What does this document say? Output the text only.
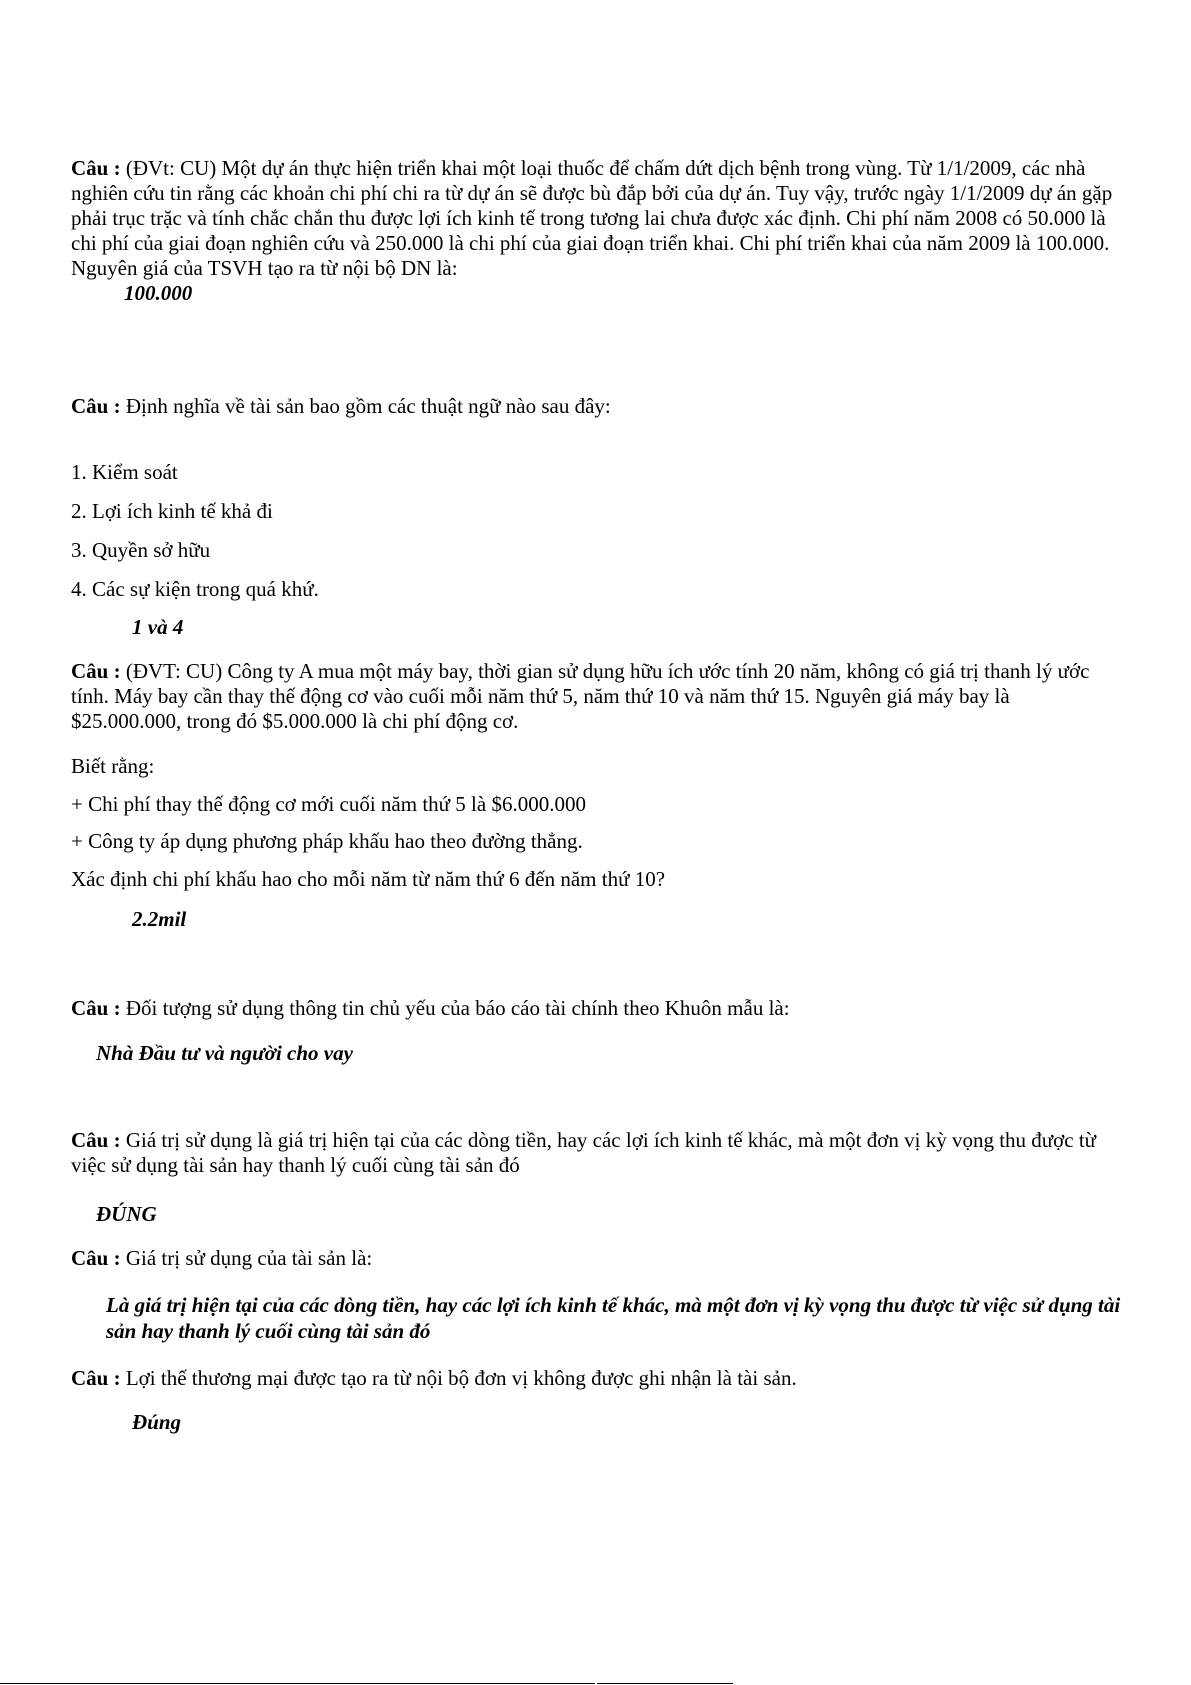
Câu : (ĐVt: CU) Một dự án thực hiện triển khai một loại thuốc để chấm dứt dịch bệnh trong vùng. Từ 1/1/2009, các nhà nghiên cứu tin rằng các khoản chi phí chi ra từ dự án sẽ được bù đắp bởi của dự án. Tuy vậy, trước ngày 1/1/2009 dự án gặp phải trục trặc và tính chắc chắn thu được lợi ích kinh tế trong tương lai chưa được xác định. Chi phí năm 2008 có 50.000 là chi phí của giai đoạn nghiên cứu và 250.000 là chi phí của giai đoạn triển khai. Chi phí triển khai của năm 2009 là 100.000. Nguyên giá của TSVH tạo ra từ nội bộ DN là:

100.000

Câu : Định nghĩa về tài sản bao gồm các thuật ngữ nào sau đây:

1. Kiểm soát

2. Lợi ích kinh tế khả đi

3. Quyền sở hữu

4. Các sự kiện trong quá khứ.

1 và 4

Câu : (ĐVT: CU) Công ty A mua một máy bay, thời gian sử dụng hữu ích ước tính 20 năm, không có giá trị thanh lý ước tính. Máy bay cần thay thế động cơ vào cuối mỗi năm thứ 5, năm thứ 10 và năm thứ 15. Nguyên giá máy bay là $25.000.000, trong đó $5.000.000 là chi phí động cơ.

Biết rằng:

+ Chi phí thay thế động cơ mới cuối năm thứ 5 là $6.000.000

+ Công ty áp dụng phương pháp khấu hao theo đường thẳng.

Xác định chi phí khấu hao cho mỗi năm từ năm thứ 6 đến năm thứ 10?

2.2mil

Câu : Đối tượng sử dụng thông tin chủ yếu của báo cáo tài chính theo Khuôn mẫu là:

Nhà Đầu tư và người cho vay

Câu : Giá trị sử dụng là giá trị hiện tại của các dòng tiền, hay các lợi ích kinh tế khác, mà một đơn vị kỳ vọng thu được từ việc sử dụng tài sản hay thanh lý cuối cùng tài sản đó

ĐÚNG

Câu : Giá trị sử dụng của tài sản là:

Là giá trị hiện tại của các dòng tiền, hay các lợi ích kinh tế khác, mà một đơn vị kỳ vọng thu được từ việc sử dụng tài sản hay thanh lý cuối cùng tài sản đó

Câu : Lợi thế thương mại được tạo ra từ nội bộ đơn vị không được ghi nhận là tài sản.

Đúng
